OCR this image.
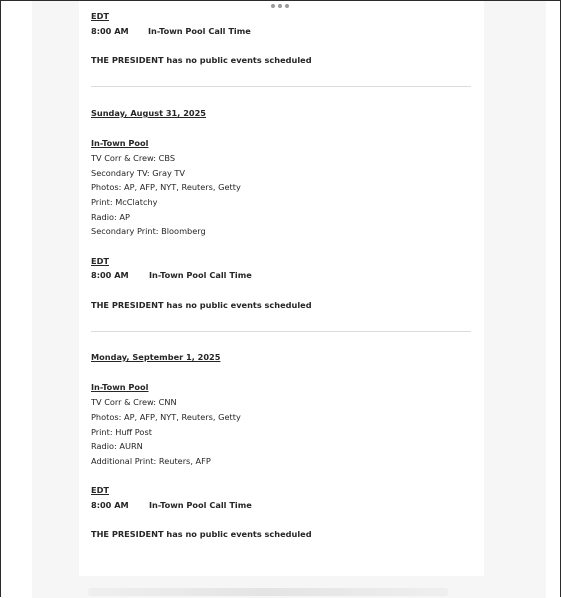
EDT
8:00 AM In-Town Pool Call Time
THE PRESIDENT has no public events scheduled
Sunday, August 31, 2025
In-Town Pool
TV Corr & Crew: CBS
Secondary TV: Gray TV
Photos: AP, AFP, NYT, Reuters, Getty
Print: McClatchy
Radio: AP
Secondary Print: Bloomberg
EDT
8:00 AM In-Town Pool Call Time
THE PRESIDENT has no public events scheduled
Monday, September 1, 2025
In-Town Pool
TV Corr & Crew: CNN
Photos: AP, AFP, NYT, Reuters, Getty
Print: Huff Post
Radio: AURN
Additional Print: Reuters, AFP
EDT
8:00 AM In-Town Pool Call Time
THE PRESIDENT has no public events scheduled
